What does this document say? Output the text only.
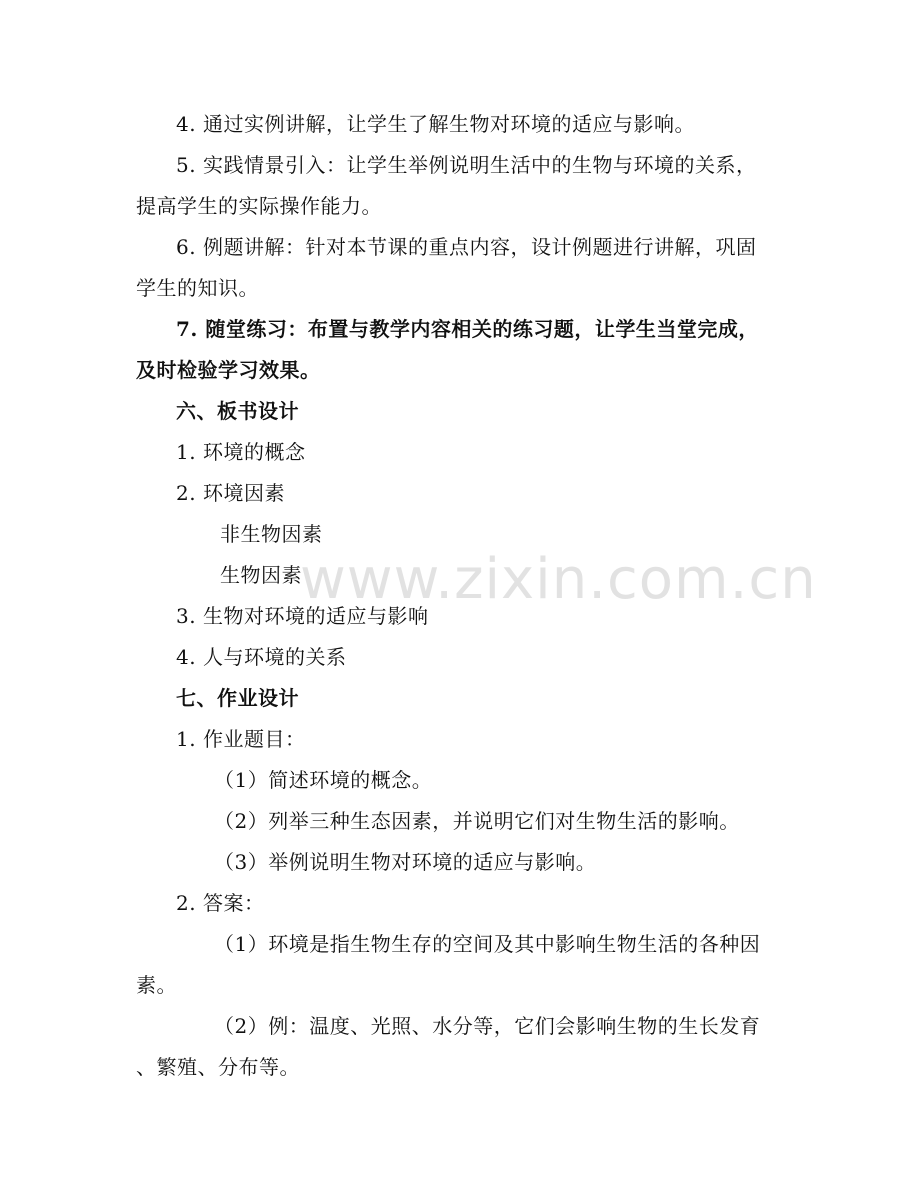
4. 通过实例讲解，让学生了解生物对环境的适应与影响。
5. 实践情景引入：让学生举例说明生活中的生物与环境的关系，
提高学生的实际操作能力。
6. 例题讲解：针对本节课的重点内容，设计例题进行讲解，巩固
学生的知识。
7. 随堂练习：布置与教学内容相关的练习题，让学生当堂完成，
及时检验学习效果。
六、板书设计
1. 环境的概念
2. 环境因素
非生物因素
生物因素
3. 生物对环境的适应与影响
4. 人与环境的关系
七、作业设计
1. 作业题目：
（1）简述环境的概念。
（2）列举三种生态因素，并说明它们对生物生活的影响。
（3）举例说明生物对环境的适应与影响。
2. 答案：
（1）环境是指生物生存的空间及其中影响生物生活的各种因
素。
（2）例：温度、光照、水分等，它们会影响生物的生长发育
、繁殖、分布等。
www.zixin.com.cn
